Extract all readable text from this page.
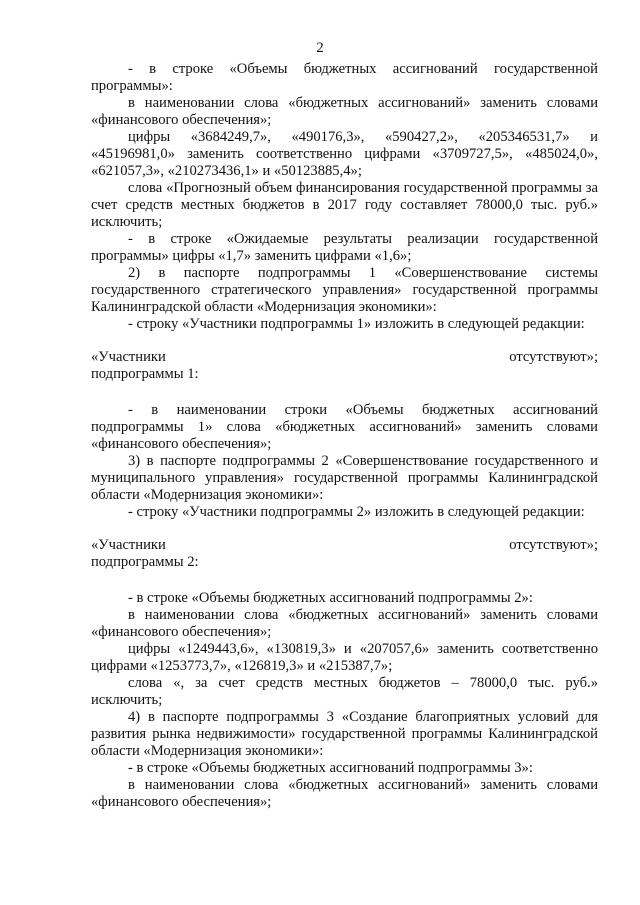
2

- в строке «Объемы бюджетных ассигнований государственной программы»:

в наименовании слова «бюджетных ассигнований» заменить словами «финансового обеспечения»;

цифры «3684249,7», «490176,3», «590427,2», «205346531,7» и «45196981,0» заменить соответственно цифрами «3709727,5», «485024,0», «621057,3», «210273436,1» и «50123885,4»;

слова «Прогнозный объем финансирования государственной программы за счет средств местных бюджетов в 2017 году составляет 78000,0 тыс. руб.» исключить;

- в строке «Ожидаемые результаты реализации государственной программы» цифры «1,7» заменить цифрами «1,6»;

2) в паспорте подпрограммы 1 «Совершенствование системы государственного стратегического управления» государственной программы Калининградской области «Модернизация экономики»:

- строку «Участники подпрограммы 1» изложить в следующей редакции:

«Участники	отсутствуют»;
подпрограммы 1:

- в наименовании строки «Объемы бюджетных ассигнований подпрограммы 1» слова «бюджетных ассигнований» заменить словами «финансового обеспечения»;

3) в паспорте подпрограммы 2 «Совершенствование государственного и муниципального управления» государственной программы Калининградской области «Модернизация экономики»:

- строку «Участники подпрограммы 2» изложить в следующей редакции:

«Участники	отсутствуют»;
подпрограммы 2:

- в строке «Объемы бюджетных ассигнований подпрограммы 2»:

в наименовании слова «бюджетных ассигнований» заменить словами «финансового обеспечения»;

цифры «1249443,6», «130819,3» и «207057,6» заменить соответственно цифрами «1253773,7», «126819,3» и «215387,7»;

слова «, за счет средств местных бюджетов – 78000,0 тыс. руб.» исключить;

4) в паспорте подпрограммы 3 «Создание благоприятных условий для развития рынка недвижимости» государственной программы Калининградской области «Модернизация экономики»:

- в строке «Объемы бюджетных ассигнований подпрограммы 3»:

в наименовании слова «бюджетных ассигнований» заменить словами «финансового обеспечения»;
